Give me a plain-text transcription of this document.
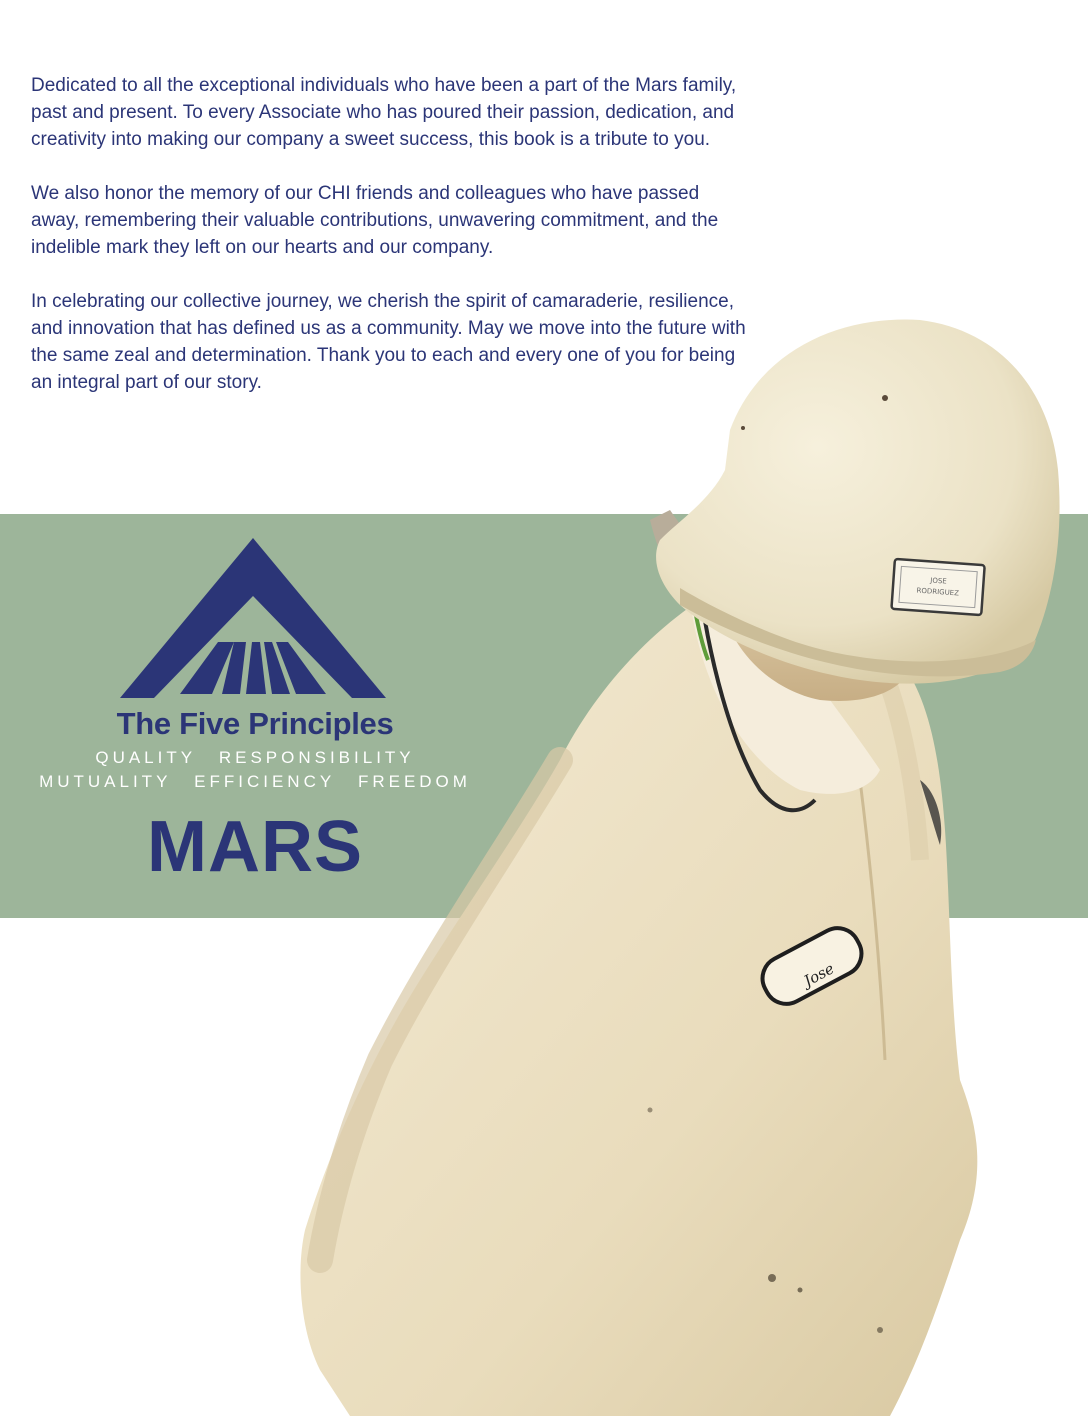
Dedicated to all the exceptional individuals who have been a part of the Mars family, past and present. To every Associate who has poured their passion, dedication, and creativity into making our company a sweet success, this book is a tribute to you.

We also honor the memory of our CHI friends and colleagues who have passed away, remembering their valuable contributions, unwavering commitment, and the indelible mark they left on our hearts and our company.

In celebrating our collective journey, we cherish the spirit of camaraderie, resilience, and innovation that has defined us as a community. May we move into the future with the same zeal and determination. Thank you to each and every one of you for being an integral part of our story.

JOSE
RODRIGUEZ
Jose
The Five Principles
QUALITY RESPONSIBILITY
MUTUALITY EFFICIENCY FREEDOM
MARS
